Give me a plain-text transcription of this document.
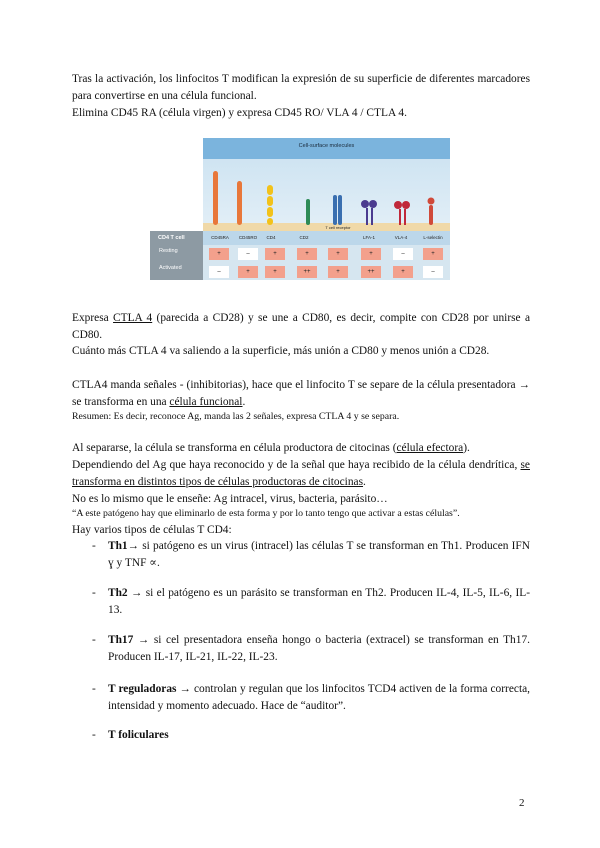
Tras la activación, los linfocitos T modifican la expresión de su superficie de diferentes marcadores para convertirse en una célula funcional.
Elimina CD45 RA (célula virgen) y expresa CD45 RO/ VLA 4 / CTLA 4.
Cell-surface molecules
CD4 T cell
Resting
Activated
CD45RA	CD45RO	CD4	CD2
T cell receptor
LFA-1	VLA-4	L-selectin
+	–	+	+	+	+	–	+
–	+	+	++	+	++	+	–
Expresa CTLA 4 (parecida a CD28) y se une a CD80, es decir, compite con CD28 por unirse a CD80.
Cuánto más CTLA 4 va saliendo a la superficie, más unión a CD80 y menos unión a CD28.
CTLA4 manda señales - (inhibitorias), hace que el linfocito T se separe de la célula presentadora → se transforma en una célula funcional.
Resumen: Es decir, reconoce Ag, manda las 2 señales, expresa CTLA 4 y se separa.
Al separarse, la célula se transforma en célula productora de citocinas (célula efectora).
Dependiendo del Ag que haya reconocido y de la señal que haya recibido de la célula dendrítica, se transforma en distintos tipos de células productoras de citocinas.
No es lo mismo que le enseñe: Ag intracel, virus, bacteria, parásito…
“A este patógeno hay que eliminarlo de esta forma y por lo tanto tengo que activar a estas células”.
Hay varios tipos de células T CD4:
- Th1→ si patógeno es un virus (intracel) las células T se transforman en Th1. Producen IFN ɣ y TNF ∝.
- Th2 → si el patógeno es un parásito se transforman en Th2. Producen IL-4, IL-5, IL-6, IL-13.
- Th17 → si cel presentadora enseña hongo o bacteria (extracel) se transforman en Th17. Producen IL-17, IL-21, IL-22, IL-23.
- T reguladoras → controlan y regulan que los linfocitos TCD4 activen de la forma correcta, intensidad y momento adecuado. Hace de “auditor”.
- T foliculares
2
